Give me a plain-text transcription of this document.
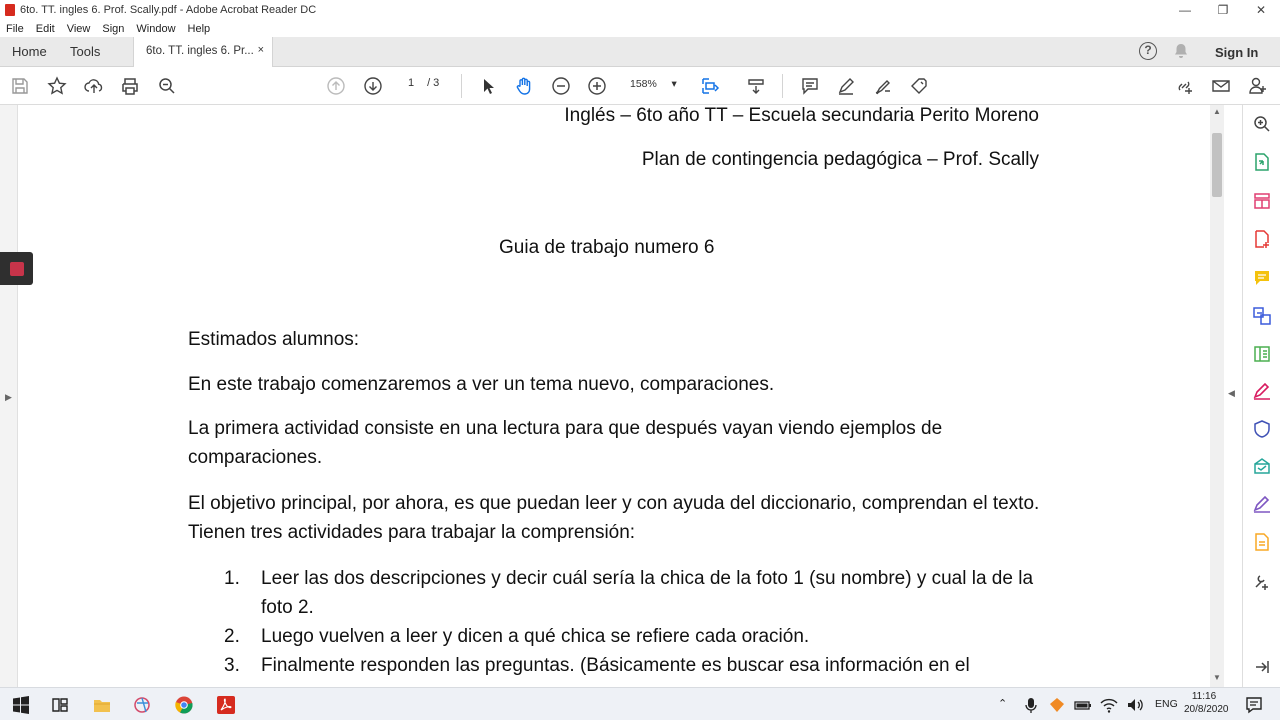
6to. TT. ingles 6. Prof. Scally.pdf - Adobe Acrobat Reader DC	—	❐	✕
File Edit View Sign Window Help
Home Tools	6to. TT. ingles 6. Pr... ×	?	Sign In
1 / 3	158%     ▾
Inglés – 6to año TT – Escuela secundaria Perito Moreno
Plan de contingencia pedagógica – Prof. Scally
Guia de trabajo numero 6

Estimados alumnos:

En este trabajo comenzaremos a ver un tema nuevo, comparaciones.

La primera actividad consiste en una lectura para que después vayan viendo ejemplos de comparaciones.

El objetivo principal, por ahora, es que puedan leer y con ayuda del diccionario, comprendan el texto. Tienen tres actividades para trabajar la comprensión:

1. Leer las dos descripciones y decir cuál sería la chica de la foto 1 (su nombre) y cual la de la foto 2.
2. Luego vuelven a leer y dicen a qué chica se refiere cada oración.
3. Finalmente responden las preguntas. (Básicamente es buscar esa información en el
▶
▲
▼
◀
⌃	ENG
11:16
20/8/2020
